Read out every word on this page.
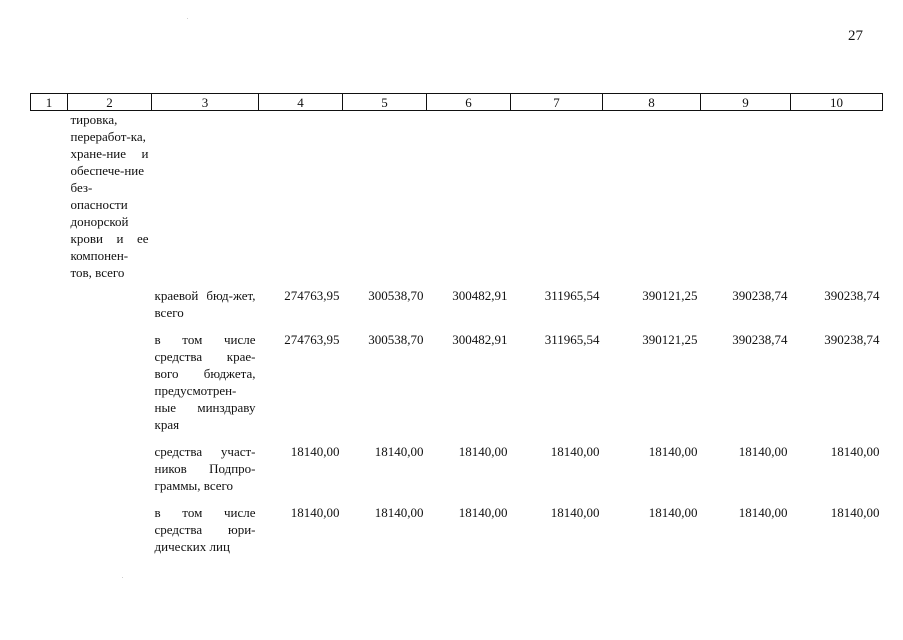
27
1	2	3	4	5	6	7	8	9	10
	тировка, переработ-ка, хране-ние и обеспече-ние без-опасности донорской крови и ее компонен-тов, всего								
		краевой бюд-жет, всего	274763,95	300538,70	300482,91	311965,54	390121,25	390238,74	390238,74
		в том числе средства крае-вого бюджета, предусмотрен-ные минздраву края	274763,95	300538,70	300482,91	311965,54	390121,25	390238,74	390238,74
		средства участ-ников Подпро-граммы, всего	18140,00	18140,00	18140,00	18140,00	18140,00	18140,00	18140,00
		в том числе средства юри-дических лиц	18140,00	18140,00	18140,00	18140,00	18140,00	18140,00	18140,00
